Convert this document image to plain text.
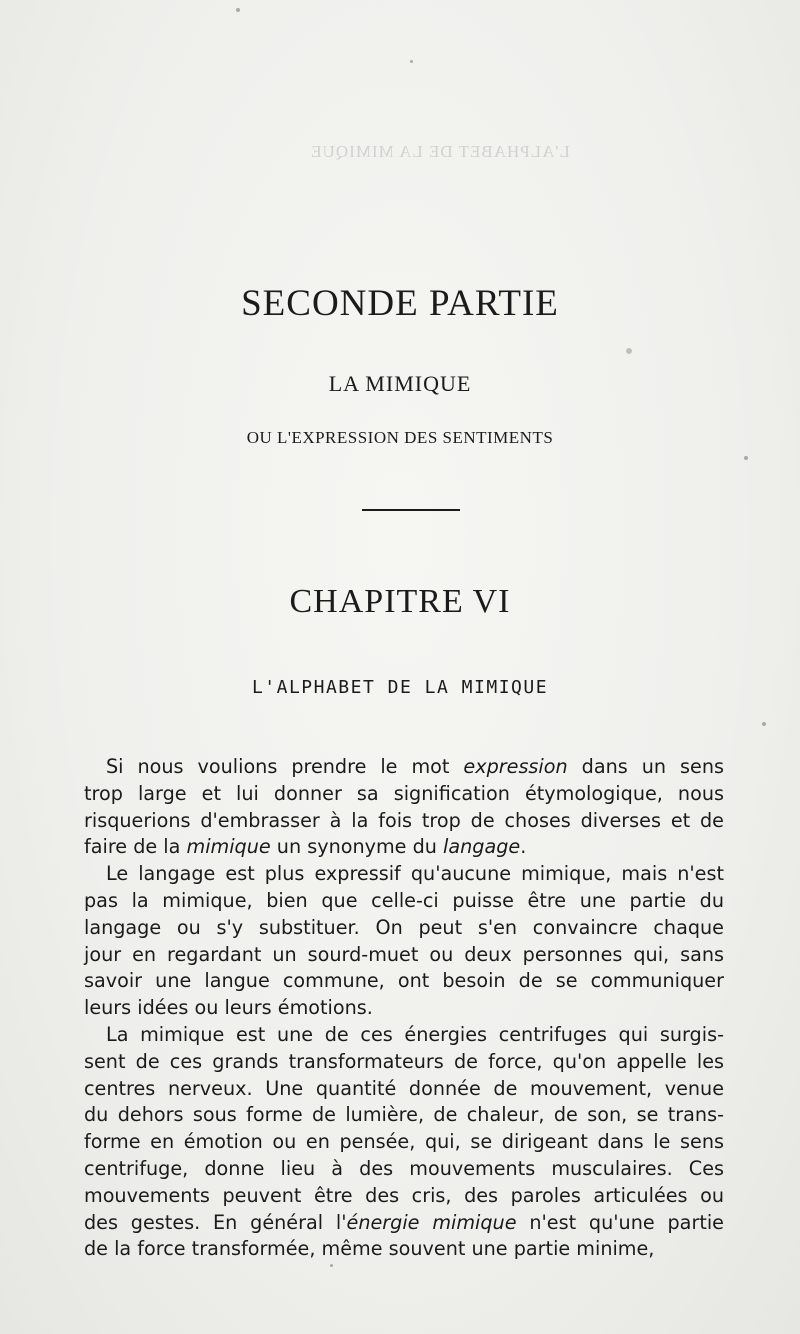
L'ALPHABET DE LA MIMIQUE

SECONDE PARTIE
LA MIMIQUE
OU L'EXPRESSION DES SENTIMENTS
CHAPITRE VI
L'ALPHABET DE LA MIMIQUE
Si nous voulions prendre le mot expression dans un sens
trop large et lui donner sa signification étymologique, nous
risquerions d'embrasser à la fois trop de choses diverses et de
faire de la mimique un synonyme du langage.
Le langage est plus expressif qu'aucune mimique, mais n'est
pas la mimique, bien que celle-ci puisse être une partie du
langage ou s'y substituer. On peut s'en convaincre chaque
jour en regardant un sourd-muet ou deux personnes qui, sans
savoir une langue commune, ont besoin de se communiquer
leurs idées ou leurs émotions.
La mimique est une de ces énergies centrifuges qui surgis-
sent de ces grands transformateurs de force, qu'on appelle les
centres nerveux. Une quantité donnée de mouvement, venue
du dehors sous forme de lumière, de chaleur, de son, se trans-
forme en émotion ou en pensée, qui, se dirigeant dans le sens
centrifuge, donne lieu à des mouvements musculaires. Ces
mouvements peuvent être des cris, des paroles articulées ou
des gestes. En général l'énergie mimique n'est qu'une partie
de la force transformée, même souvent une partie minime,
